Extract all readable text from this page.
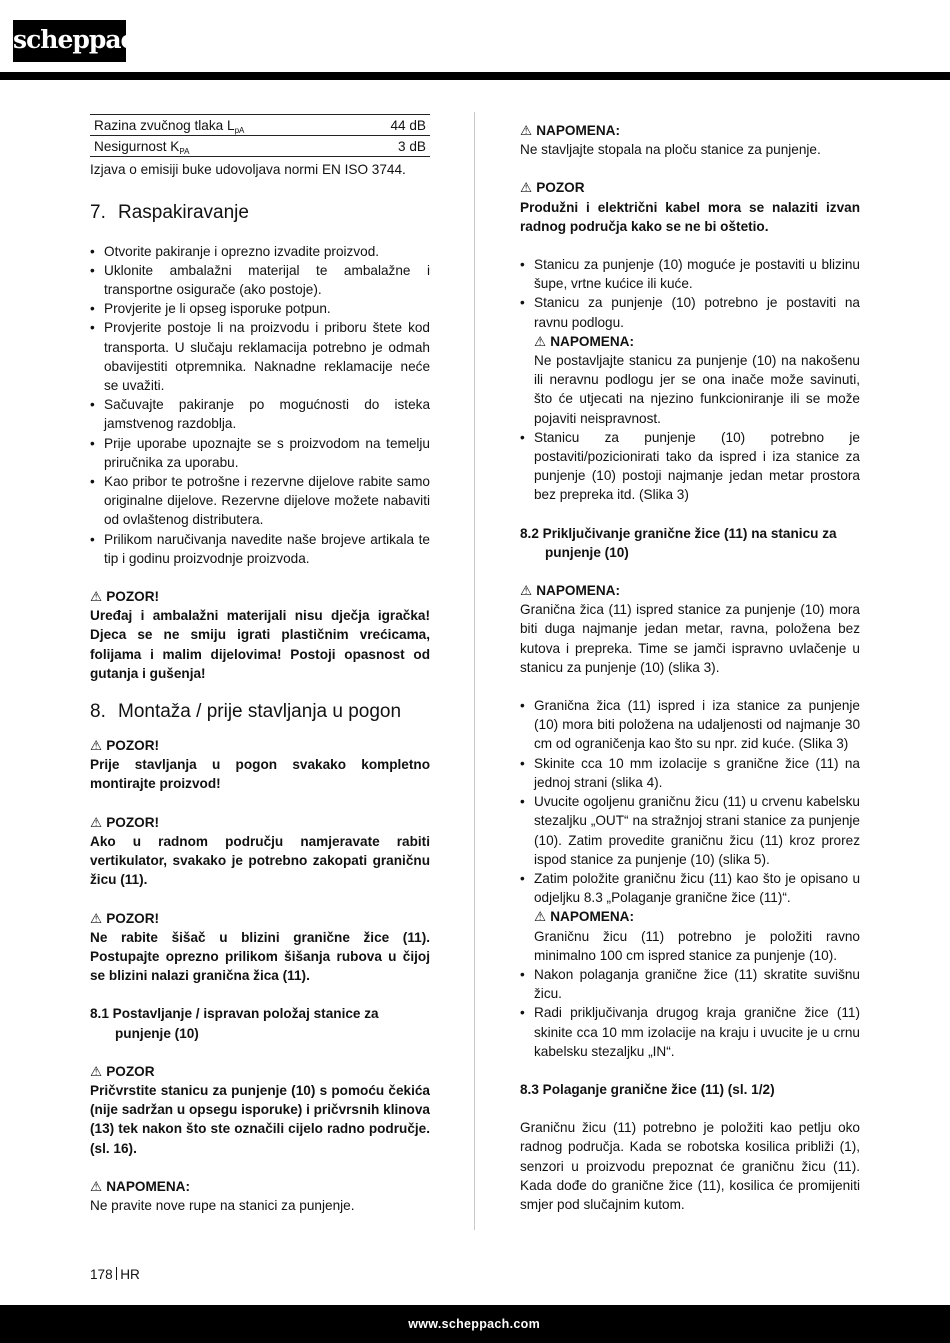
scheppach
Razina zvučnog tlaka $L_{pA}$	44 dB
Nesigurnost $K_{PA}$	3 dB
Izjava o emisiji buke udovoljava normi EN ISO 3744.
7. Raspakiravanje
• Otvorite pakiranje i oprezno izvadite proizvod.
• Uklonite ambalažni materijal te ambalažne i transportne osigurače (ako postoje).
• Provjerite je li opseg isporuke potpun.
• Provjerite postoje li na proizvodu i priboru štete kod transporta. U slučaju reklamacija potrebno je odmah obavijestiti otpremnika. Naknadne reklamacije neće se uvažiti.
• Sačuvajte pakiranje po mogućnosti do isteka jamstvenog razdoblja.
• Prije uporabe upoznajte se s proizvodom na temelju priručnika za uporabu.
• Kao pribor te potrošne i rezervne dijelove rabite samo originalne dijelove. Rezervne dijelove možete nabaviti od ovlaštenog distributera.
• Prilikom naručivanja navedite naše brojeve artikala te tip i godinu proizvodnje proizvoda.
⚠ POZOR!
Uređaj i ambalažni materijali nisu dječja igračka! Djeca se ne smiju igrati plastičnim vrećicama, folijama i malim dijelovima! Postoji opasnost od gutanja i gušenja!
8. Montaža / prije stavljanja u pogon
⚠ POZOR!
Prije stavljanja u pogon svakako kompletno montirajte proizvod!
⚠ POZOR!
Ako u radnom području namjeravate rabiti vertikulator, svakako je potrebno zakopati graničnu žicu (11).
⚠ POZOR!
Ne rabite šišač u blizini granične žice (11). Postupajte oprezno prilikom šišanja rubova u čijoj se blizini nalazi granična žica (11).
8.1 Postavljanje / ispravan položaj stanice za punjenje (10)
⚠ POZOR
Pričvrstite stanicu za punjenje (10) s pomoću čekića (nije sadržan u opsegu isporuke) i pričvrsnih klinova (13) tek nakon što ste označili cijelo radno područje. (sl. 16).
⚠ NAPOMENA:
Ne pravite nove rupe na stanici za punjenje.
⚠ NAPOMENA:
Ne stavljajte stopala na ploču stanice za punjenje.
⚠ POZOR
Produžni i električni kabel mora se nalaziti izvan radnog područja kako se ne bi oštetio.
• Stanicu za punjenje (10) moguće je postaviti u blizinu šupe, vrtne kućice ili kuće.
• Stanicu za punjenje (10) potrebno je postaviti na ravnu podlogu.
⚠ NAPOMENA:
Ne postavljajte stanicu za punjenje (10) na nakošenu ili neravnu podlogu jer se ona inače može savinuti, što će utjecati na njezino funkcioniranje ili se može pojaviti neispravnost.
• Stanicu za punjenje (10) potrebno je postaviti/pozicionirati tako da ispred i iza stanice za punjenje (10) postoji najmanje jedan metar prostora bez prepreka itd. (Slika 3)
8.2 Priključivanje granične žice (11) na stanicu za punjenje (10)
⚠ NAPOMENA:
Granična žica (11) ispred stanice za punjenje (10) mora biti duga najmanje jedan metar, ravna, položena bez kutova i prepreka. Time se jamči ispravno uvlačenje u stanicu za punjenje (10) (slika 3).
• Granična žica (11) ispred i iza stanice za punjenje (10) mora biti položena na udaljenosti od najmanje 30 cm od ograničenja kao što su npr. zid kuće. (Slika 3)
• Skinite cca 10 mm izolacije s granične žice (11) na jednoj strani (slika 4).
• Uvucite ogoljenu graničnu žicu (11) u crvenu kabelsku stezaljku „OUT“ na stražnjoj strani stanice za punjenje (10). Zatim provedite graničnu žicu (11) kroz prorez ispod stanice za punjenje (10) (slika 5).
• Zatim položite graničnu žicu (11) kao što je opisano u odjeljku 8.3 „Polaganje granične žice (11)“.
⚠ NAPOMENA:
Graničnu žicu (11) potrebno je položiti ravno minimalno 100 cm ispred stanice za punjenje (10).
• Nakon polaganja granične žice (11) skratite suvišnu žicu.
• Radi priključivanja drugog kraja granične žice (11) skinite cca 10 mm izolacije na kraju i uvucite je u crnu kabelsku stezaljku „IN“.
8.3 Polaganje granične žice (11) (sl. 1/2)
Graničnu žicu (11) potrebno je položiti kao petlju oko radnog područja. Kada se robotska kosilica približi (1), senzori u proizvodu prepoznat će graničnu žicu (11). Kada dođe do granične žice (11), kosilica će promijeniti smjer pod slučajnim kutom.
178 HR
www.scheppach.com
